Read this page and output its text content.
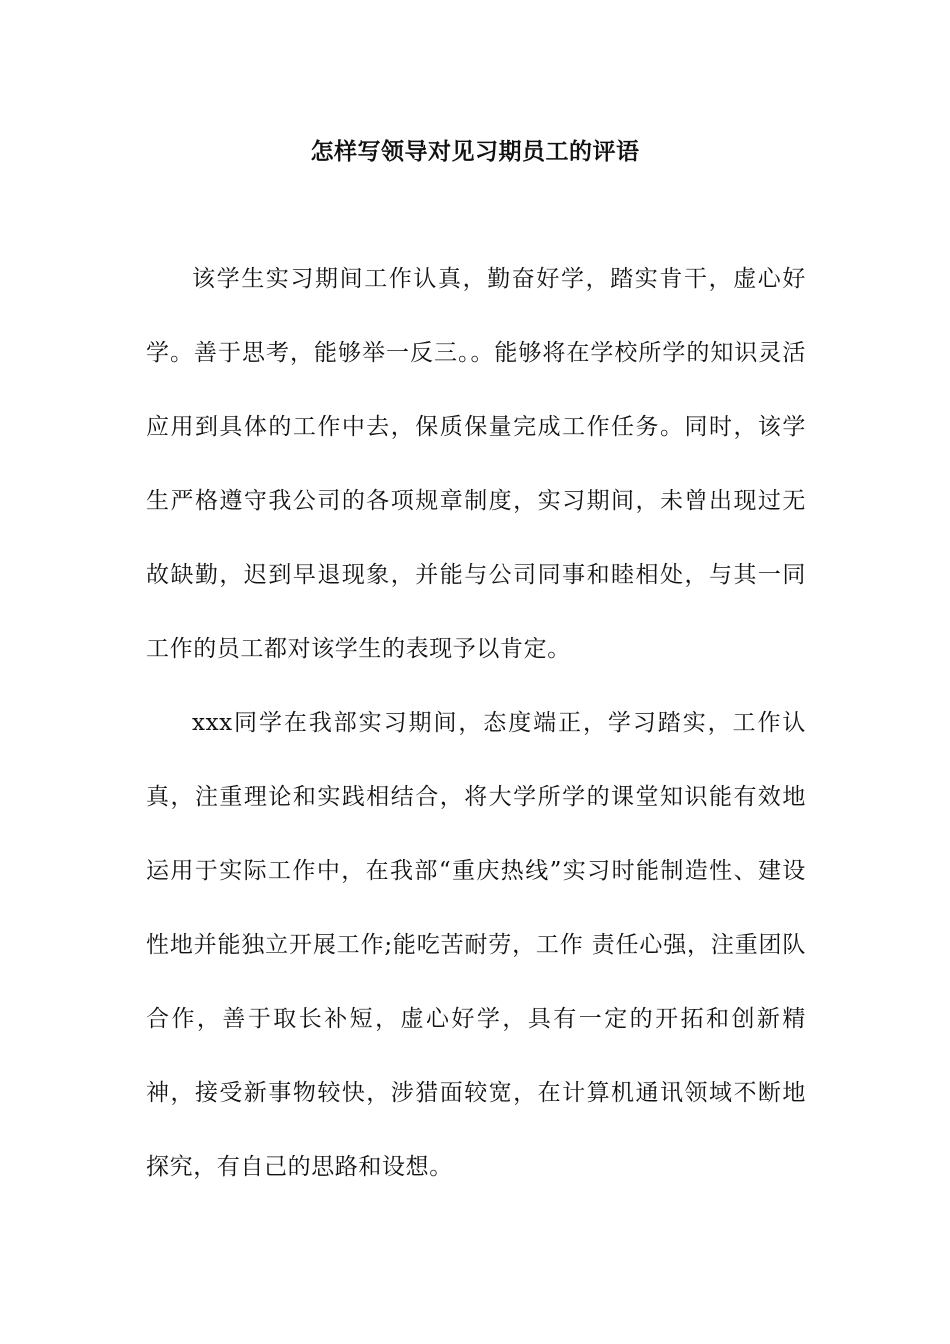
怎样写领导对见习期员工的评语

该学生实习期间工作认真，勤奋好学，踏实肯干，虚心好学。善于思考，能够举一反三。。能够将在学校所学的知识灵活应用到具体的工作中去，保质保量完成工作任务。同时，该学生严格遵守我公司的各项规章制度，实习期间，未曾出现过无故缺勤，迟到早退现象，并能与公司同事和睦相处，与其一同工作的员工都对该学生的表现予以肯定。

xxx同学在我部实习期间，态度端正，学习踏实，工作认真，注重理论和实践相结合，将大学所学的课堂知识能有效地运用于实际工作中，在我部“重庆热线”实习时能制造性、建设性地并能独立开展工作;能吃苦耐劳，工作 责任心强，注重团队合作，善于取长补短，虚心好学，具有一定的开拓和创新精神，接受新事物较快，涉猎面较宽，在计算机通讯领域不断地探究，有自己的思路和设想。
